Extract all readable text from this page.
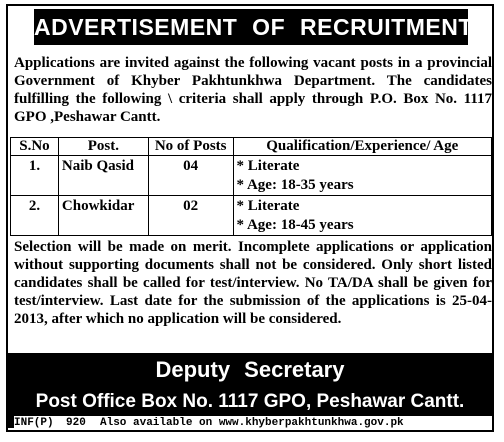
ADVERTISEMENT OF RECRUITMENT
Applications are invited against the following vacant posts in a provincial Government of Khyber Pakhtunkhwa Department. The candidates fulfilling the following \ criteria shall apply through P.O. Box No. 1117 GPO ,Peshawar Cantt.
S.No	Post.	No of Posts	Qualification/Experience/ Age
1.	Naib Qasid	04	* Literate
* Age: 18-35 years

2.	Chowkidar	02	* Literate
* Age: 18-45 years
Selection will be made on merit. Incomplete applications or application without supporting documents shall not be considered. Only short listed candidates shall be called for test/interview. No TA/DA shall be given for test/interview. Last date for the submission of the applications is 25-04-2013, after which no application will be considered.
Deputy Secretary
Post Office Box No. 1117 GPO, Peshawar Cantt.
INF(P) 920 Also available on www.khyberpakhtunkhwa.gov.pk
